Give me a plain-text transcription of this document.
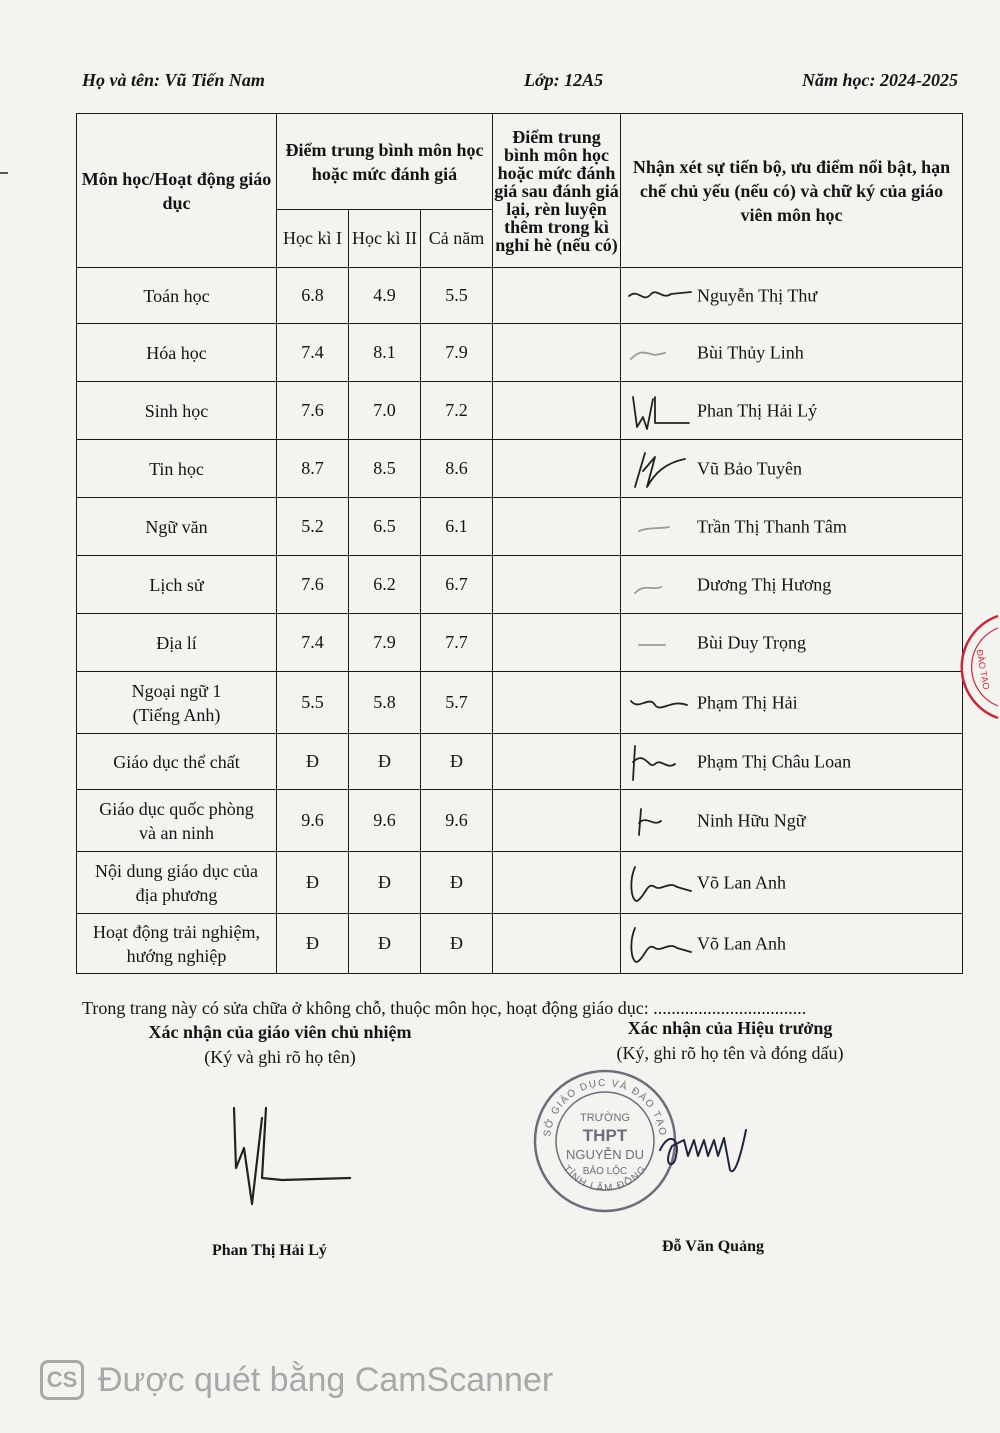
Họ và tên: Vũ Tiến Nam	Lớp: 12A5	Năm học: 2024-2025
Môn học/Hoạt động giáo dục	Điểm trung bình môn học hoặc mức đánh giá			Điểm trung bình môn học hoặc mức đánh giá sau đánh giá lại, rèn luyện thêm trong kì nghỉ hè (nếu có)	Nhận xét sự tiến bộ, ưu điểm nổi bật, hạn chế chủ yếu (nếu có) và chữ ký của giáo viên môn học
	Học kì I	Học kì II	Cả năm		

Toán học	6.8	4.9	5.5		Nguyễn Thị Thư

Hóa học	7.4	8.1	7.9		Bùi Thủy Linh

Sinh học	7.6	7.0	7.2		Phan Thị Hải Lý

Tin học	8.7	8.5	8.6		Vũ Bảo Tuyên

Ngữ văn	5.2	6.5	6.1		Trần Thị Thanh Tâm

Lịch sử	7.6	6.2	6.7		Dương Thị Hương

Địa lí	7.4	7.9	7.7		Bùi Duy Trọng

Ngoại ngữ 1
(Tiếng Anh)	5.5	5.8	5.7		Phạm Thị Hải

Giáo dục thể chất	Đ	Đ	Đ		Phạm Thị Châu Loan

Giáo dục quốc phòng
và an ninh	9.6	9.6	9.6		Ninh Hữu Ngữ

Nội dung giáo dục của
địa phương	Đ	Đ	Đ		Võ Lan Anh

Hoạt động trải nghiệm,
hướng nghiệp	Đ	Đ	Đ		Võ Lan Anh
Trong trang này có sửa chữa ở không chỗ, thuộc môn học, hoạt động giáo dục: ..................................
Xác nhận của giáo viên chủ nhiệm
(Ký và ghi rõ họ tên)
Xác nhận của Hiệu trưởng
(Ký, ghi rõ họ tên và đóng dấu)
SỞ GIÁO DỤC VÀ ĐÀO TẠO
TỈNH LÂM ĐỒNG
TRƯỜNG
THPT
NGUYỄN DU
BẢO LỘC
Phan Thị Hải Lý	Đỗ Văn Quảng
ĐÀO TẠO
CS Được quét bằng CamScanner
